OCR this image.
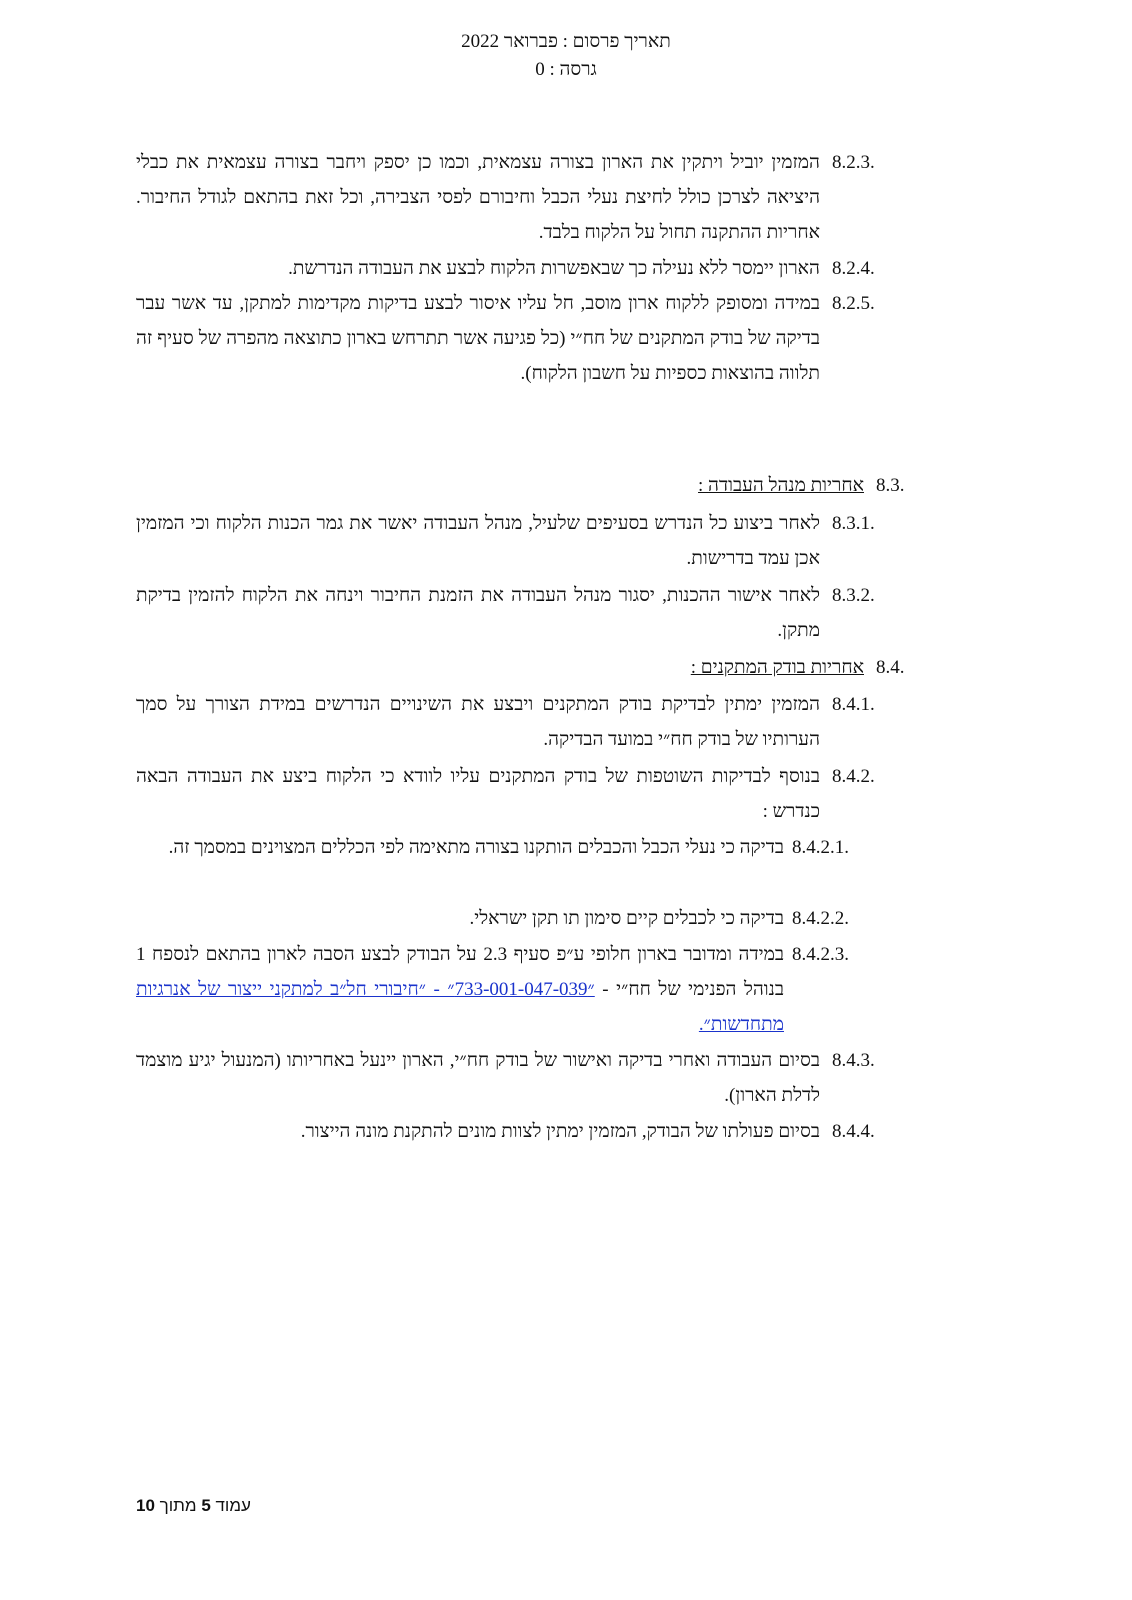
תאריך פרסום : פברואר 2022
גרסה : 0
8.2.3.
המזמין יוביל ויתקין את הארון בצורה עצמאית, וכמו כן יספק ויחבר בצורה עצמאית את כבלי היציאה לצרכן כולל לחיצת נעלי הכבל וחיבורם לפסי הצבירה, וכל זאת בהתאם לגודל החיבור. אחריות ההתקנה תחול על הלקוח בלבד.
8.2.4.
הארון יימסר ללא נעילה כך שבאפשרות הלקוח לבצע את העבודה הנדרשת.
8.2.5.
במידה ומסופק ללקוח ארון מוסב, חל עליו איסור לבצע בדיקות מקדימות למתקן, עד אשר עבר בדיקה של בודק המתקנים של חח״י (כל פגיעה אשר תתרחש בארון כתוצאה מהפרה של סעיף זה תלווה בהוצאות כספיות על חשבון הלקוח).
8.3.
אחריות מנהל העבודה :
8.3.1.
לאחר ביצוע כל הנדרש בסעיפים שלעיל, מנהל העבודה יאשר את גמר הכנות הלקוח וכי המזמין אכן עמד בדרישות.
8.3.2.
לאחר אישור ההכנות, יסגור מנהל העבודה את הזמנת החיבור וינחה את הלקוח להזמין בדיקת מתקן.
8.4.
אחריות בודק המתקנים :
8.4.1.
המזמין ימתין לבדיקת בודק המתקנים ויבצע את השינויים הנדרשים במידת הצורך על סמך הערותיו של בודק חח״י במועד הבדיקה.
8.4.2.
בנוסף לבדיקות השוטפות של בודק המתקנים עליו לוודא כי הלקוח ביצע את העבודה הבאה כנדרש :
8.4.2.1.
בדיקה כי נעלי הכבל והכבלים הותקנו בצורה מתאימה לפי הכללים המצוינים במסמך זה.
8.4.2.2.
בדיקה כי לכבלים קיים סימון תו תקן ישראלי.
8.4.2.3.
במידה ומדובר בארון חלופי ע״פ סעיף 2.3 על הבודק לבצע הסבה לארון בהתאם לנספח 1 בנוהל הפנימי של חח״י - ״733-001-047-039״ - ״חיבורי חל״ב למתקני ייצור של אנרגיות מתחדשות״.
8.4.3.
בסיום העבודה ואחרי בדיקה ואישור של בודק חח״י, הארון יינעל באחריותו (המנעול יגיע מוצמד לדלת הארון).
8.4.4.
בסיום פעולתו של הבודק, המזמין ימתין לצוות מונים להתקנת מונה הייצור.
עמוד 5 מתוך 10
